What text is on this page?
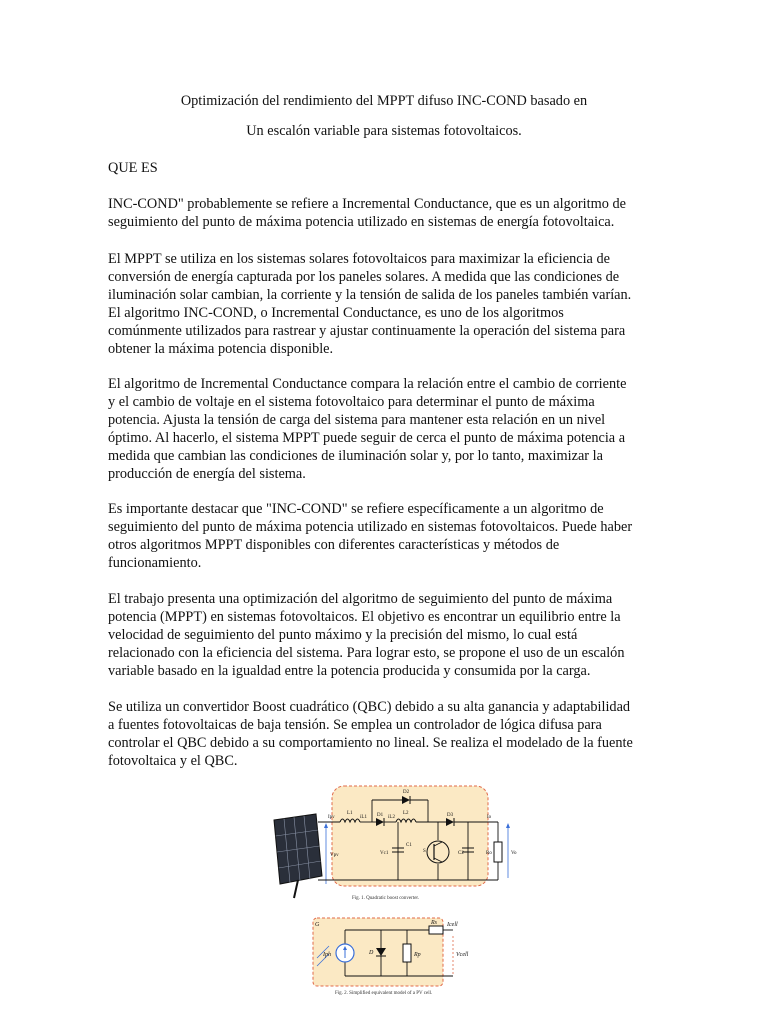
Optimización del rendimiento del MPPT difuso INC-COND basado en
Un escalón variable para sistemas fotovoltaicos.
QUE ES

INC-COND" probablemente se refiere a Incremental Conductance, que es un algoritmo de
seguimiento del punto de máxima potencia utilizado en sistemas de energía fotovoltaica.

El MPPT se utiliza en los sistemas solares fotovoltaicos para maximizar la eficiencia de
conversión de energía capturada por los paneles solares. A medida que las condiciones de
iluminación solar cambian, la corriente y la tensión de salida de los paneles también varían.
El algoritmo INC-COND, o Incremental Conductance, es uno de los algoritmos
comúnmente utilizados para rastrear y ajustar continuamente la operación del sistema para
obtener la máxima potencia disponible.

El algoritmo de Incremental Conductance compara la relación entre el cambio de corriente
y el cambio de voltaje en el sistema fotovoltaico para determinar el punto de máxima
potencia. Ajusta la tensión de carga del sistema para mantener esta relación en un nivel
óptimo. Al hacerlo, el sistema MPPT puede seguir de cerca el punto de máxima potencia a
medida que cambian las condiciones de iluminación solar y, por lo tanto, maximizar la
producción de energía del sistema.

Es importante destacar que "INC-COND" se refiere específicamente a un algoritmo de
seguimiento del punto de máxima potencia utilizado en sistemas fotovoltaicos. Puede haber
otros algoritmos MPPT disponibles con diferentes características y métodos de
funcionamiento.

El trabajo presenta una optimización del algoritmo de seguimiento del punto de máxima
potencia (MPPT) en sistemas fotovoltaicos. El objetivo es encontrar un equilibrio entre la
velocidad de seguimiento del punto máximo y la precisión del mismo, lo cual está
relacionado con la eficiencia del sistema. Para lograr esto, se propone el uso de un escalón
variable basado en la igualdad entre la potencia producida y consumida por la carga.

Se utiliza un convertidor Boost cuadrático (QBC) debido a su alta ganancia y adaptabilidad
a fuentes fotovoltaicas de baja tensión. Se emplea un controlador de lógica difusa para
controlar el QBC debido a su comportamiento no lineal. Se realiza el modelado de la fuente
fotovoltaica y el QBC.

Ipv
Vpv
L1
iL1 D1
D2
L2
iL2	D3
C1
Vc1	S	C2
Io
Ro	Vo
Fig. 1. Quadratic boost converter.
G
Iph	D	Rp
Rs Icell
Vcell
Fig. 2. Simplified equivalent model of a PV cell.
